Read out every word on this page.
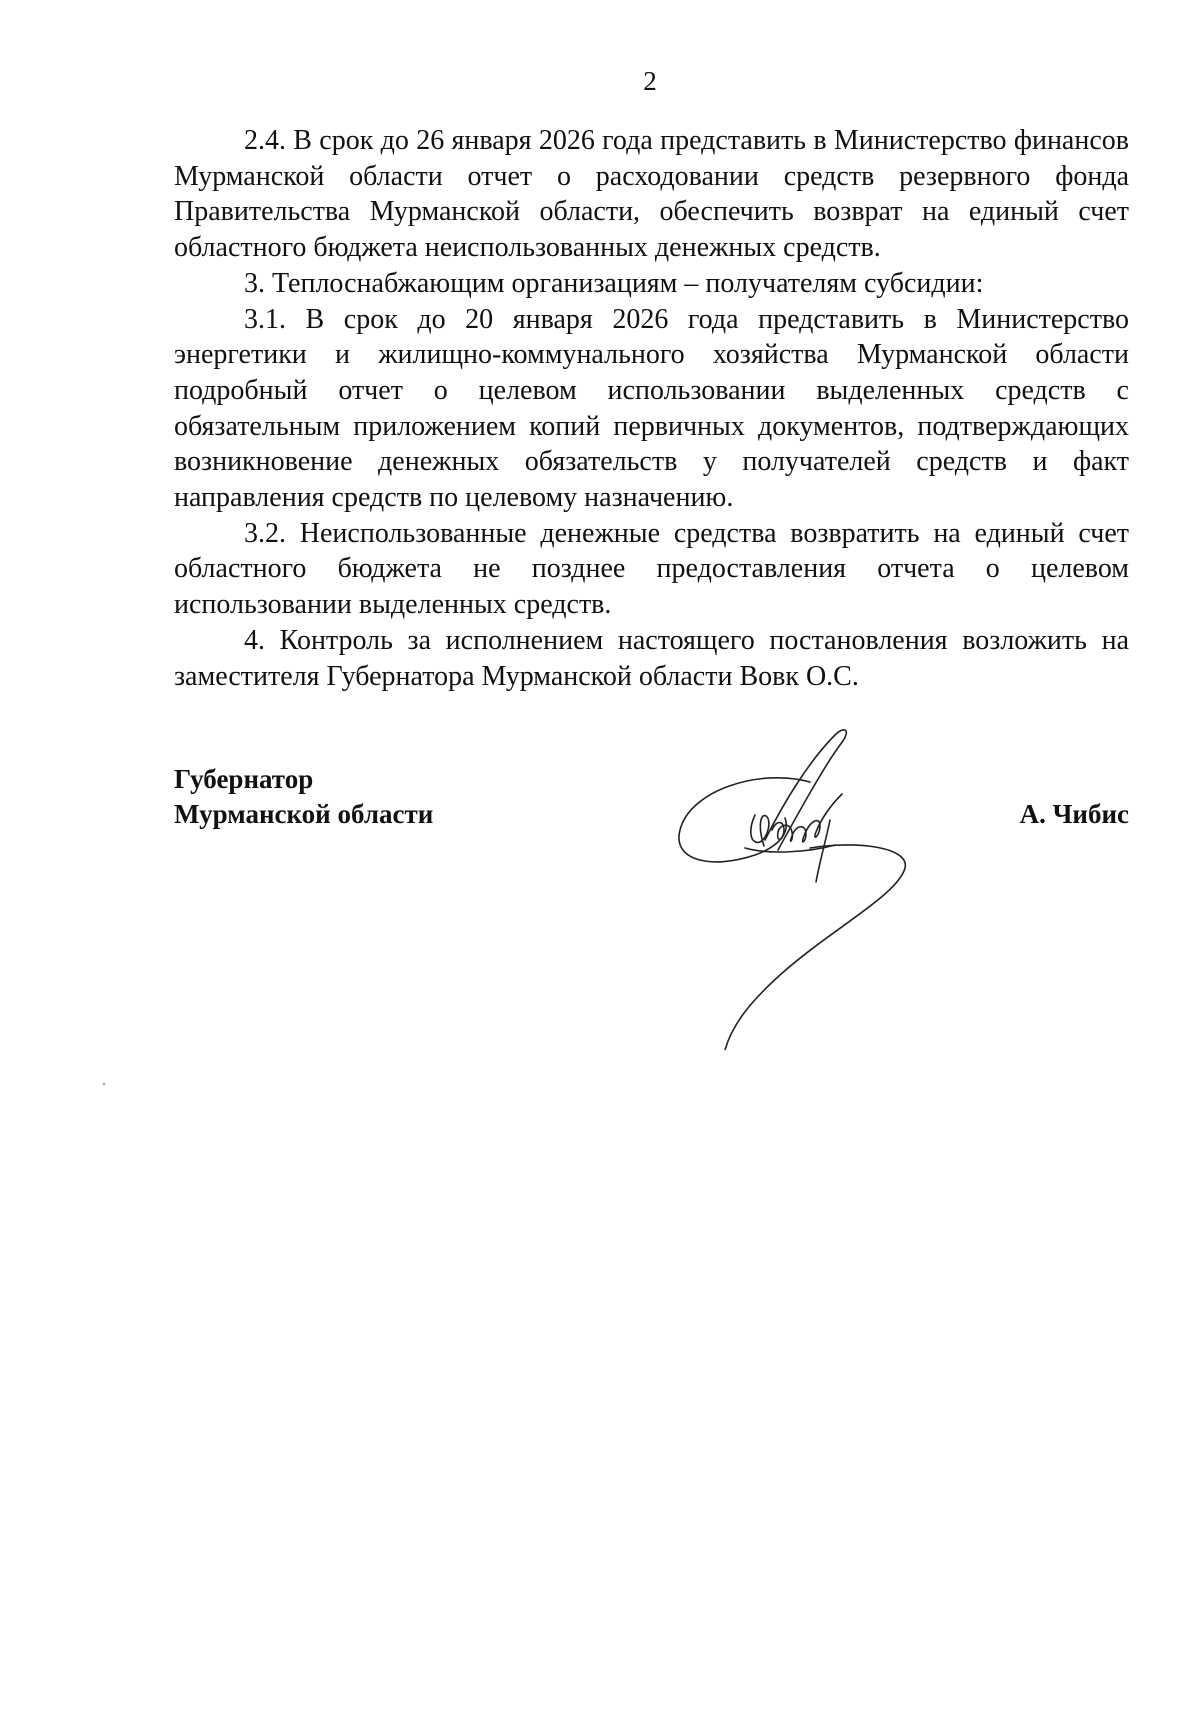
2

2.4. В срок до 26 января 2026 года представить в Министерство финансов Мурманской области отчет о расходовании средств резервного фонда Правительства Мурманской области, обеспечить возврат на единый счет областного бюджета неиспользованных денежных средств.

3. Теплоснабжающим организациям – получателям субсидии:

3.1. В срок до 20 января 2026 года представить в Министерство энергетики и жилищно-коммунального хозяйства Мурманской области подробный отчет о целевом использовании выделенных средств с обязательным приложением копий первичных документов, подтверждающих возникновение денежных обязательств у получателей средств и факт направления средств по целевому назначению.

3.2. Неиспользованные денежные средства возвратить на единый счет областного бюджета не позднее предоставления отчета о целевом использовании выделенных средств.

4. Контроль за исполнением настоящего постановления возложить на заместителя Губернатора Мурманской области Вовк О.С.

Губернатор
Мурманской области	А. Чибис
